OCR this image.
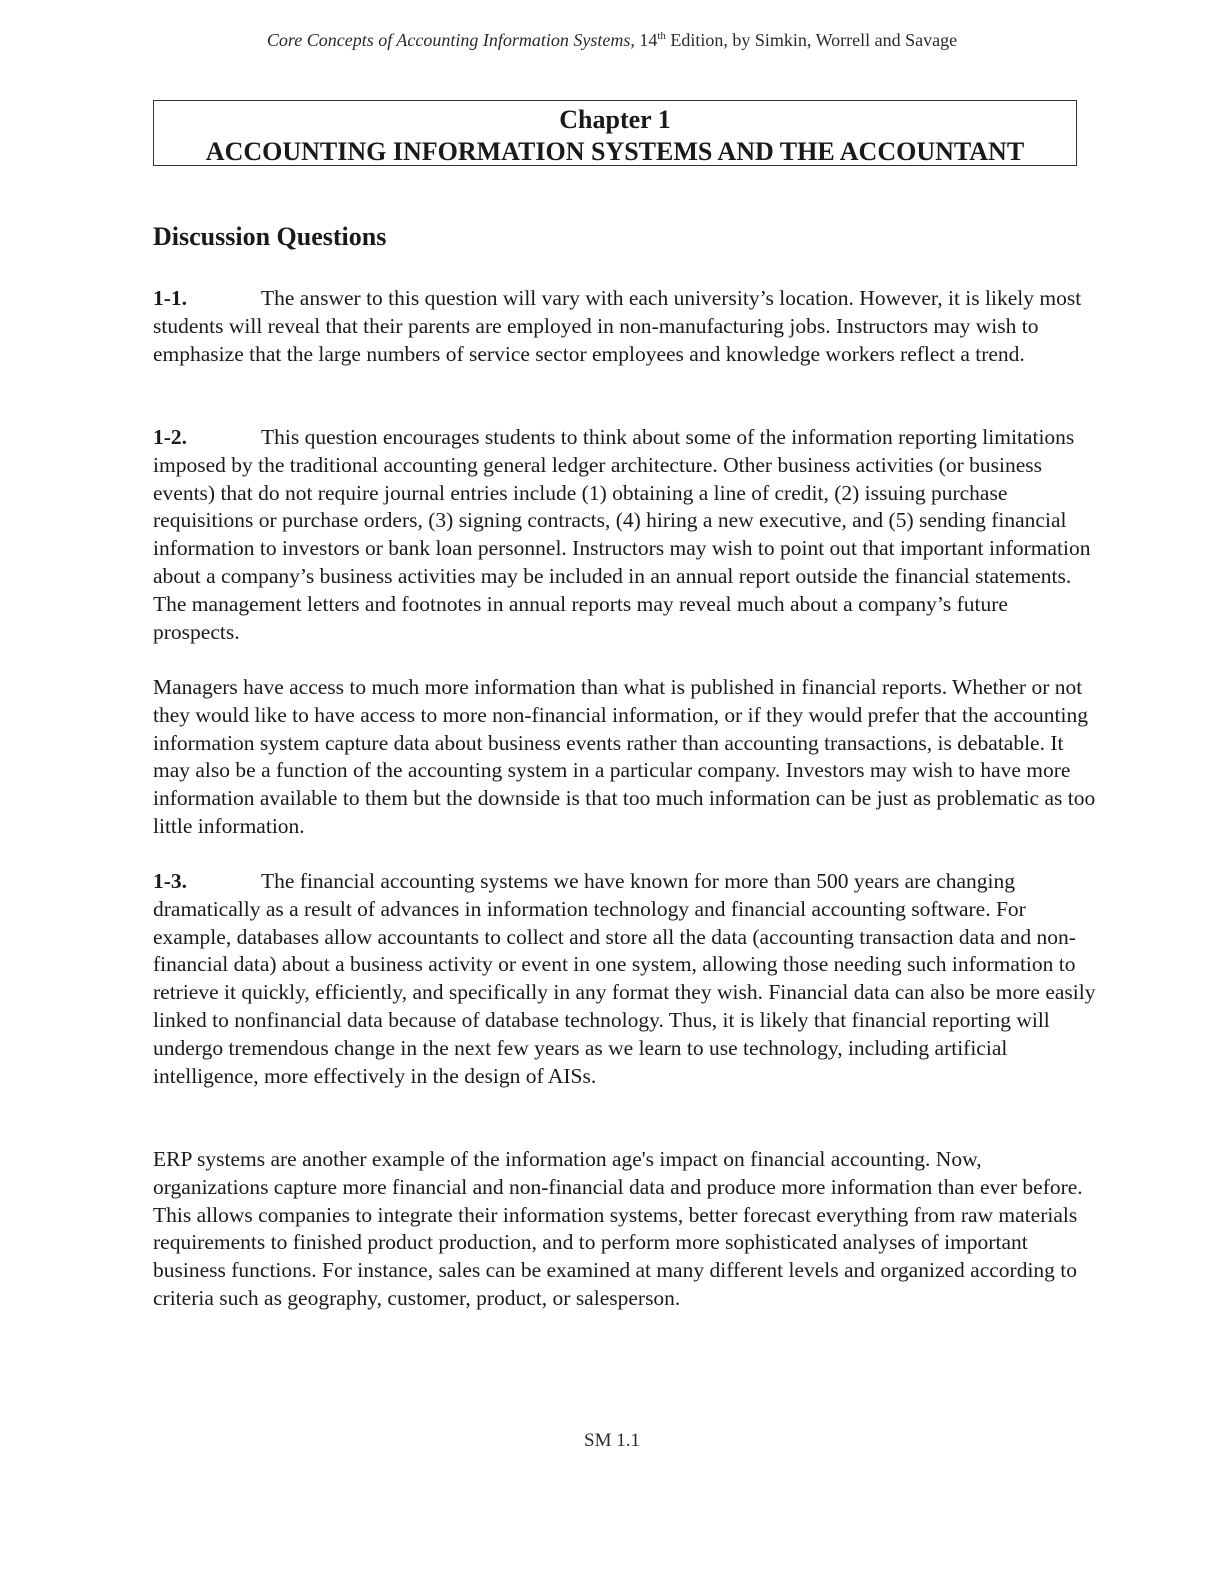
Core Concepts of Accounting Information Systems, 14th Edition, by Simkin, Worrell and Savage
Chapter 1
ACCOUNTING INFORMATION SYSTEMS AND THE ACCOUNTANT
Discussion Questions

1-1.	The answer to this question will vary with each university’s location. However, it is likely most students will reveal that their parents are employed in non-manufacturing jobs. Instructors may wish to emphasize that the large numbers of service sector employees and knowledge workers reflect a trend.

1-2.	This question encourages students to think about some of the information reporting limitations imposed by the traditional accounting general ledger architecture. Other business activities (or business events) that do not require journal entries include (1) obtaining a line of credit, (2) issuing purchase requisitions or purchase orders, (3) signing contracts, (4) hiring a new executive, and (5) sending financial information to investors or bank loan personnel. Instructors may wish to point out that important information about a company’s business activities may be included in an annual report outside the financial statements. The management letters and footnotes in annual reports may reveal much about a company’s future prospects.

Managers have access to much more information than what is published in financial reports. Whether or not they would like to have access to more non-financial information, or if they would prefer that the accounting information system capture data about business events rather than accounting transactions, is debatable. It may also be a function of the accounting system in a particular company. Investors may wish to have more information available to them but the downside is that too much information can be just as problematic as too little information.

1-3.	The financial accounting systems we have known for more than 500 years are changing dramatically as a result of advances in information technology and financial accounting software. For example, databases allow accountants to collect and store all the data (accounting transaction data and non-financial data) about a business activity or event in one system, allowing those needing such information to retrieve it quickly, efficiently, and specifically in any format they wish. Financial data can also be more easily linked to nonfinancial data because of database technology. Thus, it is likely that financial reporting will undergo tremendous change in the next few years as we learn to use technology, including artificial intelligence, more effectively in the design of AISs.

ERP systems are another example of the information age's impact on financial accounting. Now, organizations capture more financial and non-financial data and produce more information than ever before. This allows companies to integrate their information systems, better forecast everything from raw materials requirements to finished product production, and to perform more sophisticated analyses of important business functions. For instance, sales can be examined at many different levels and organized according to criteria such as geography, customer, product, or salesperson.

SM 1.1
